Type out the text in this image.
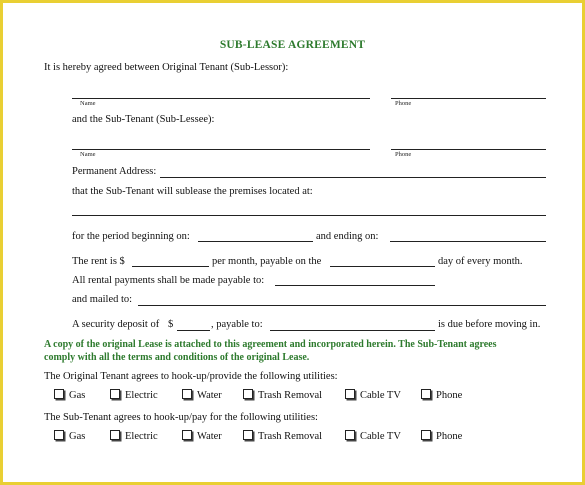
SUB-LEASE AGREEMENT
It is hereby agreed between Original Tenant (Sub-Lessor):
Name	Phone
and the Sub-Tenant (Sub-Lessee):
Name	Phone
Permanent Address:
that the Sub-Tenant will sublease the premises located at:
for the period beginning on:	and ending on:
The rent is $	per month, payable on the	day of every month.
All rental payments shall be made payable to:
and mailed to:
A security deposit of $	, payable to:	is due before moving in.
A copy of the original Lease is attached to this agreement and incorporated herein. The Sub-Tenant agrees
comply with all the terms and conditions of the original Lease.
The Original Tenant agrees to hook-up/provide the following utilities:
Gas	Electric	Water	Trash Removal	Cable TV	Phone
The Sub-Tenant agrees to hook-up/pay for the following utilities:
Gas	Electric	Water	Trash Removal	Cable TV	Phone
